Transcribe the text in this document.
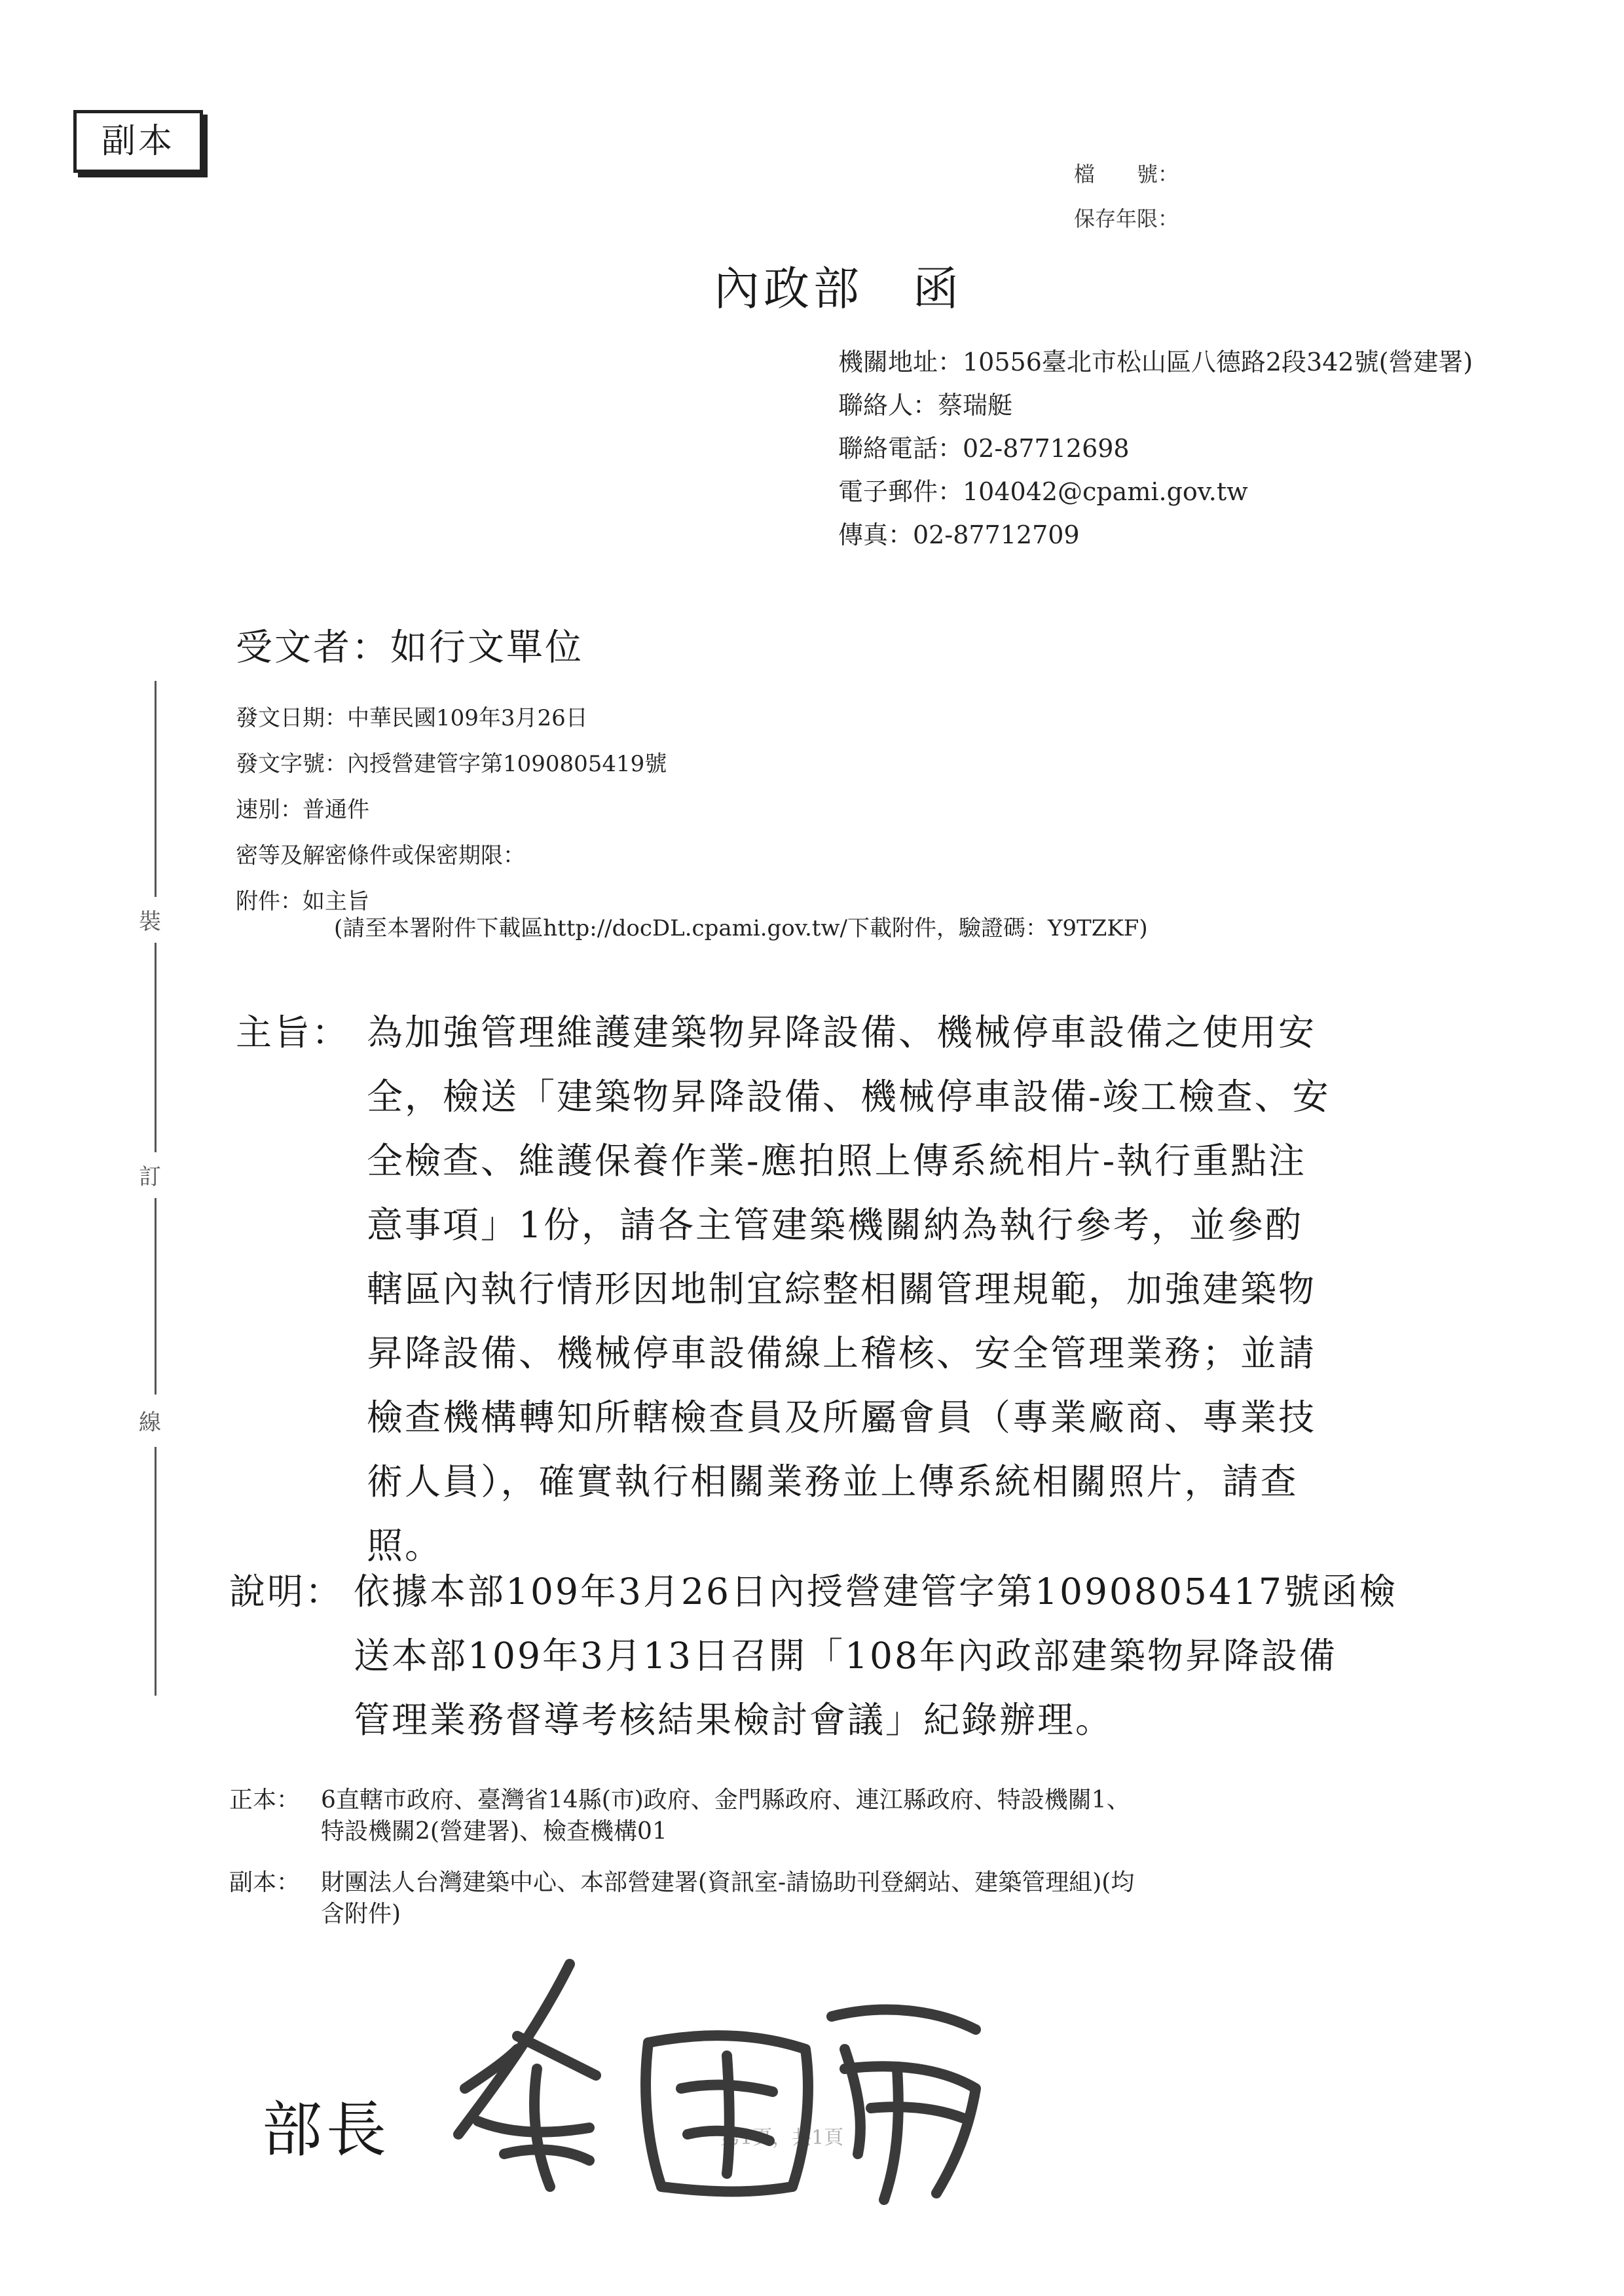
副本
檔　　號：
保存年限：
內政部　函
機關地址：10556臺北市松山區八德路2段342號(營建署)
聯絡人：蔡瑞艇
聯絡電話：02-87712698
電子郵件：104042@cpami.gov.tw
傳真：02-87712709
受文者：如行文單位
發文日期：中華民國109年3月26日
發文字號：內授營建管字第1090805419號
速別：普通件
密等及解密條件或保密期限：
附件：如主旨
(請至本署附件下載區http://docDL.cpami.gov.tw/下載附件，驗證碼：Y9TZKF)
裝
訂
線
主旨： 為加強管理維護建築物昇降設備、機械停車設備之使用安
全，檢送「建築物昇降設備、機械停車設備-竣工檢查、安
全檢查、維護保養作業-應拍照上傳系統相片-執行重點注
意事項」1份，請各主管建築機關納為執行參考，並參酌
轄區內執行情形因地制宜綜整相關管理規範，加強建築物
昇降設備、機械停車設備線上稽核、安全管理業務；並請
檢查機構轉知所轄檢查員及所屬會員（專業廠商、專業技
術人員），確實執行相關業務並上傳系統相關照片，請查
照。
說明： 依據本部109年3月26日內授營建管字第1090805417號函檢
送本部109年3月13日召開「108年內政部建築物昇降設備
管理業務督導考核結果檢討會議」紀錄辦理。
正本： 6直轄市政府、臺灣省14縣(市)政府、金門縣政府、連江縣政府、特設機關1、
特設機關2(營建署)、檢查機構01
副本： 財團法人台灣建築中心、本部營建署(資訊室-請協助刊登網站、建築管理組)(均
含附件)
第1頁，共1頁
部長
